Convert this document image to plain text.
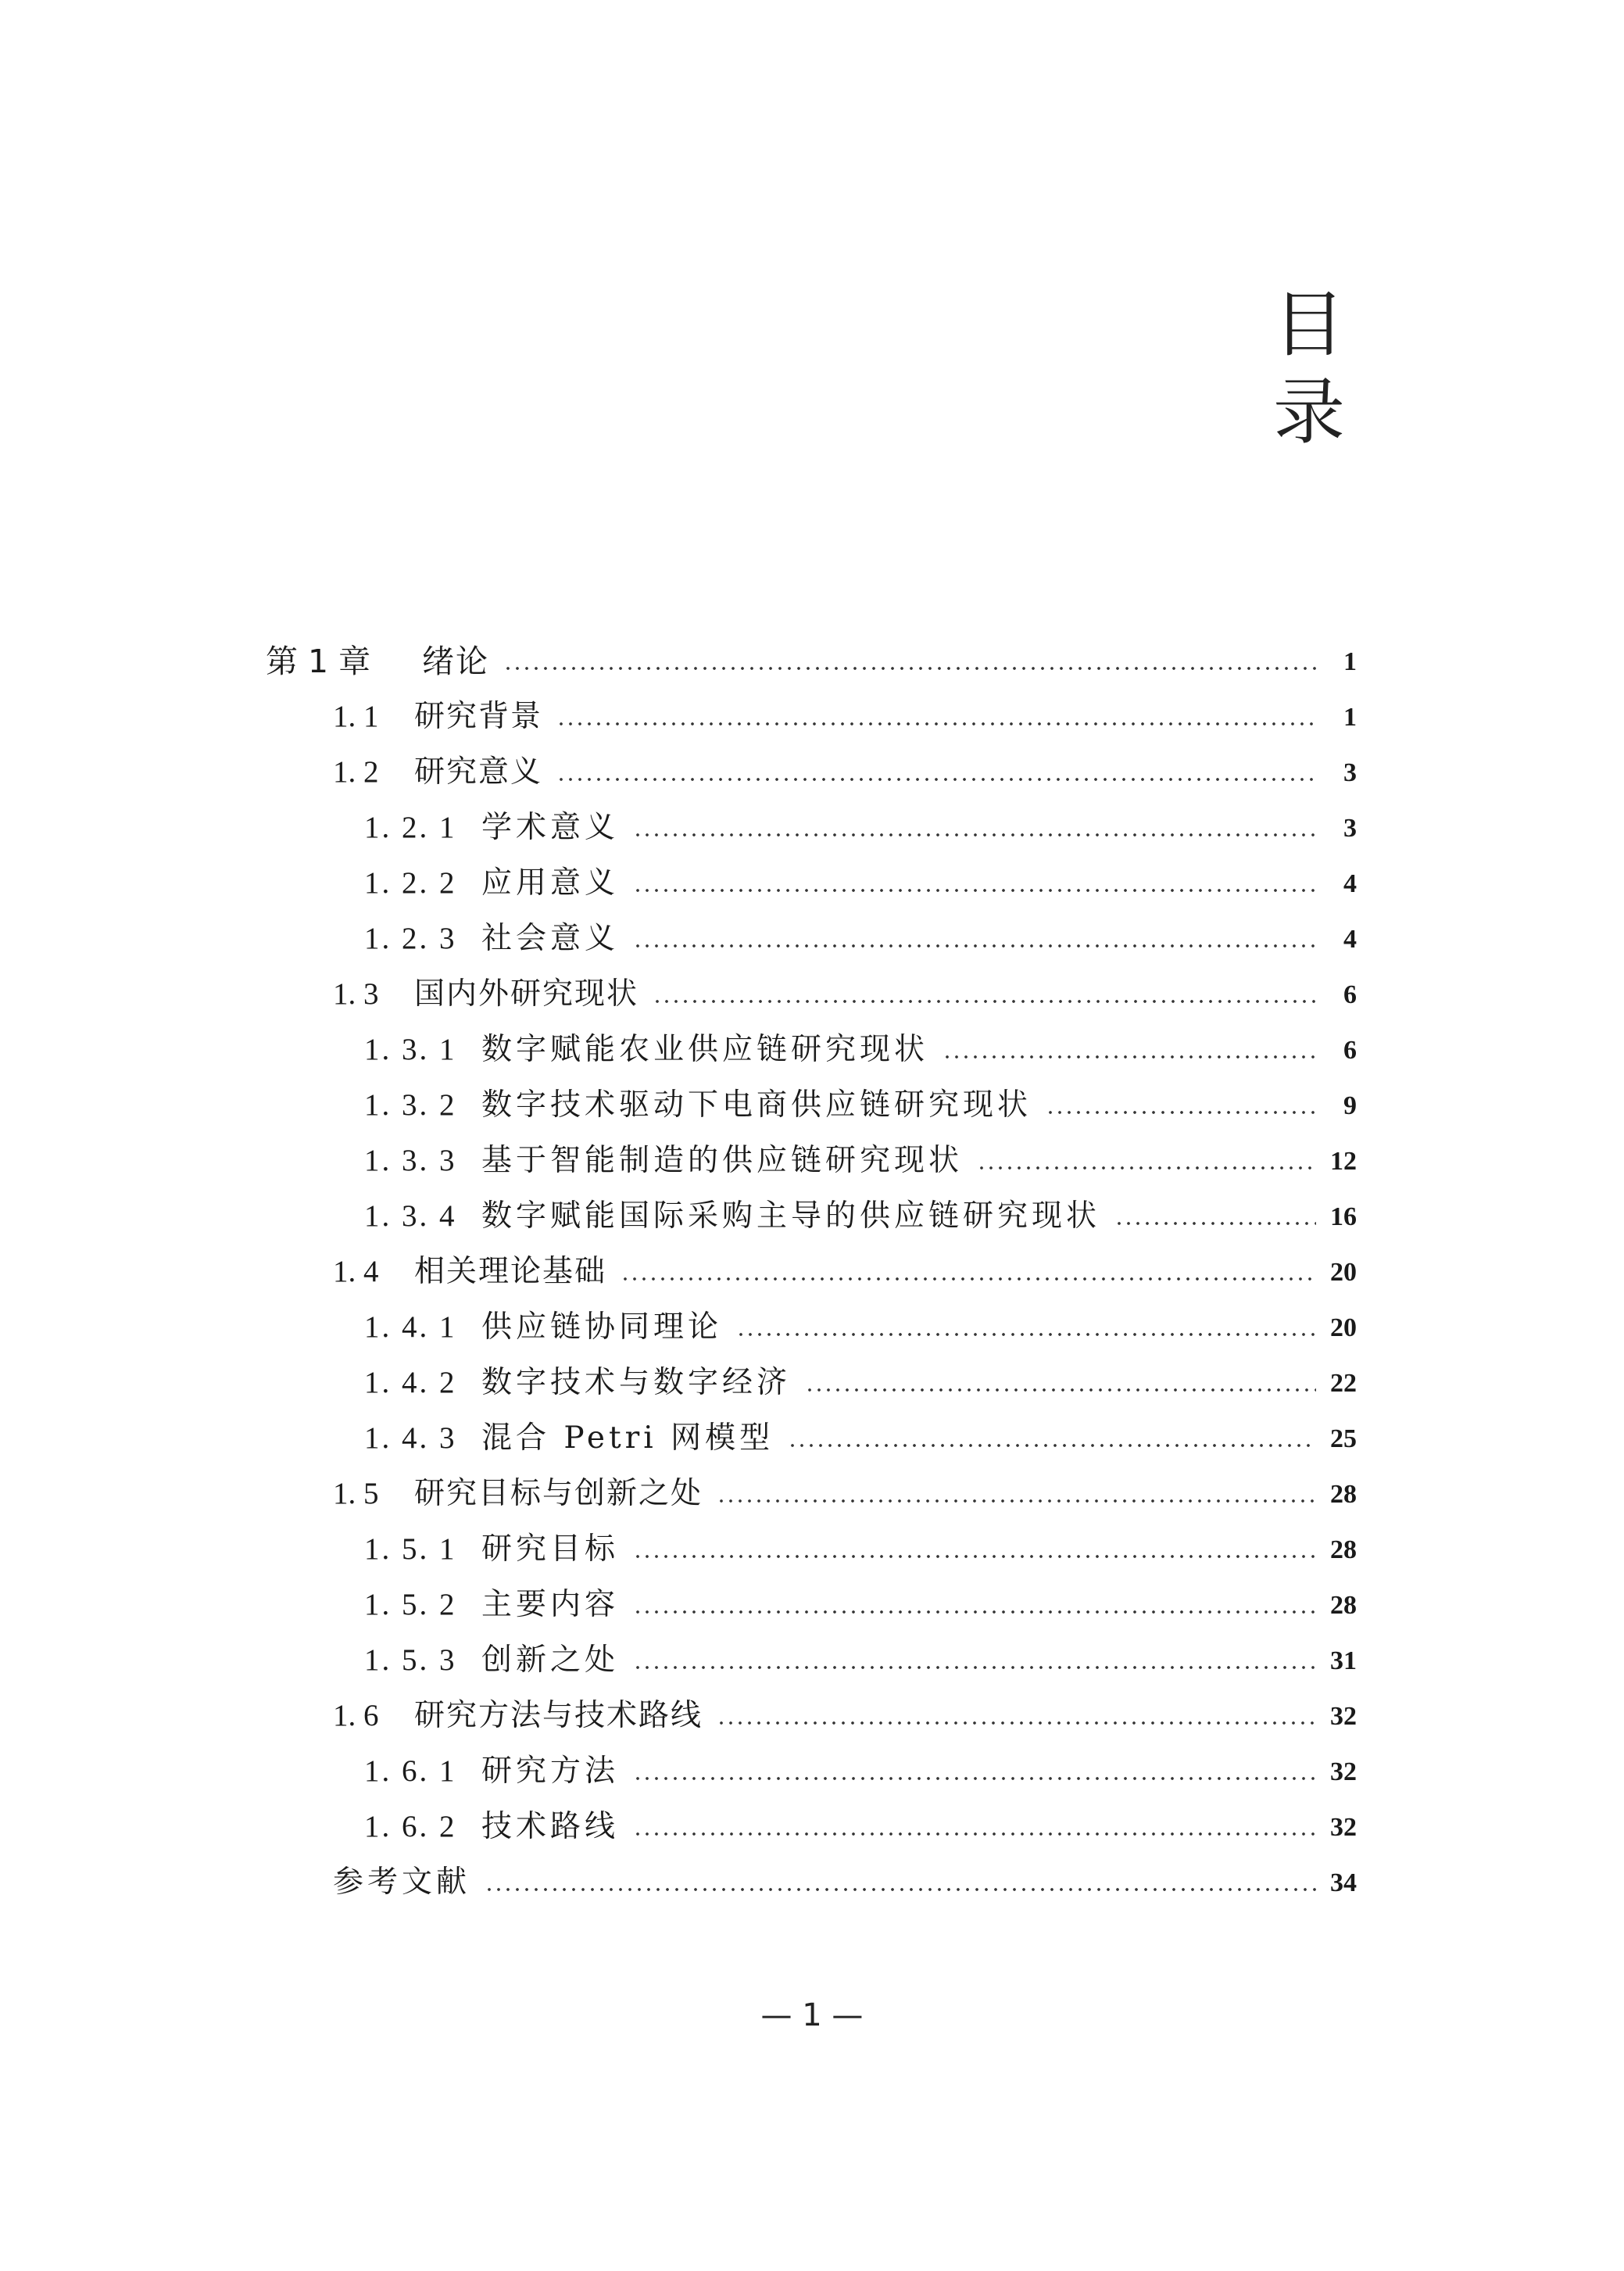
目
录
第 1 章	绪论	1
1. 1	研究背景	1
1. 2	研究意义	3
1. 2. 1 学术意义	3
1. 2. 2 应用意义	4
1. 2. 3 社会意义	4
1. 3	国内外研究现状	6
1. 3. 1 数字赋能农业供应链研究现状	6
1. 3. 2 数字技术驱动下电商供应链研究现状	9
1. 3. 3 基于智能制造的供应链研究现状	12
1. 3. 4 数字赋能国际采购主导的供应链研究现状	16
1. 4	相关理论基础	20
1. 4. 1 供应链协同理论	20
1. 4. 2 数字技术与数字经济	22
1. 4. 3 混合 Petri 网模型	25
1. 5	研究目标与创新之处	28
1. 5. 1 研究目标	28
1. 5. 2 主要内容	28
1. 5. 3 创新之处	31
1. 6	研究方法与技术路线	32
1. 6. 1 研究方法	32
1. 6. 2 技术路线	32
参考文献	34
— 1 —
